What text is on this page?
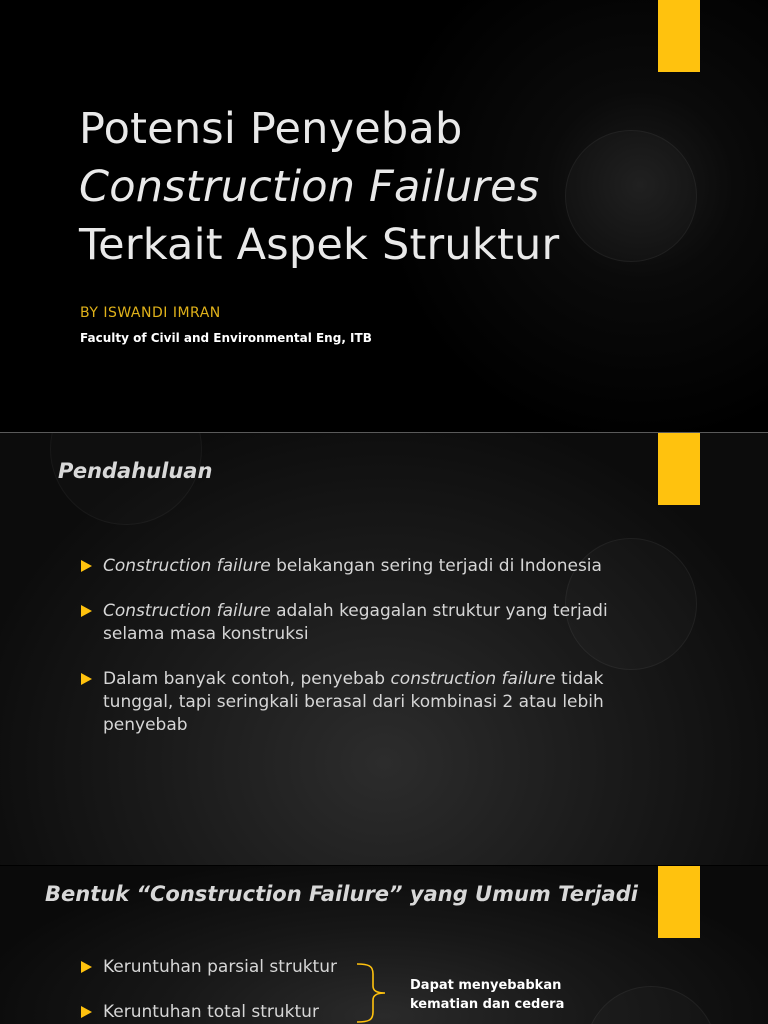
Potensi Penyebab
Construction Failures
Terkait Aspek Struktur
BY ISWANDI IMRAN
Faculty of Civil and Environmental Eng, ITB
Pendahuluan
Construction failure belakangan sering terjadi di Indonesia
Construction failure adalah kegagalan struktur yang terjadi selama masa konstruksi
Dalam banyak contoh, penyebab construction failure tidak tunggal, tapi seringkali berasal dari kombinasi 2 atau lebih penyebab
Bentuk “Construction Failure” yang Umum Terjadi
Keruntuhan parsial struktur
Keruntuhan total struktur
Dapat menyebabkan
kematian dan cedera
